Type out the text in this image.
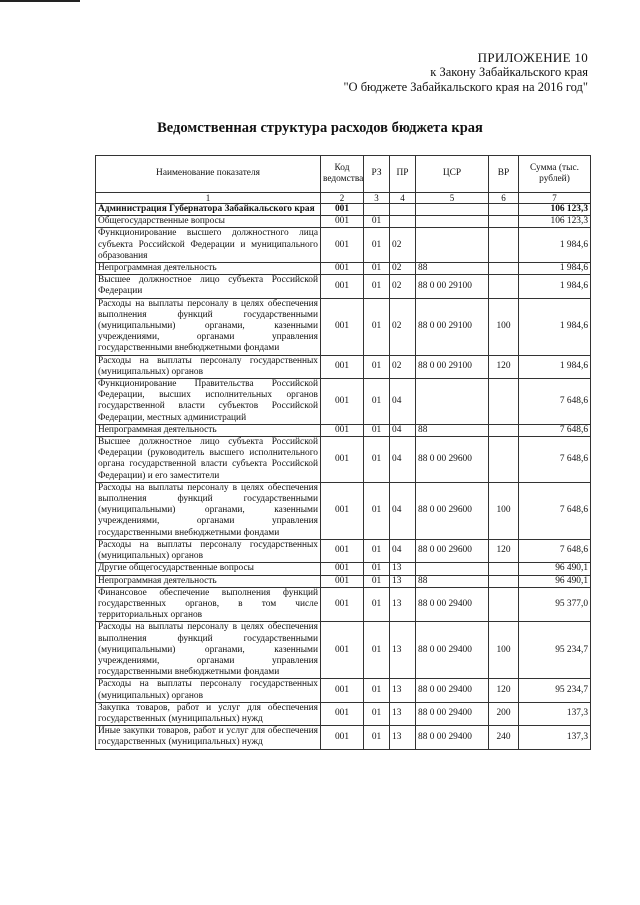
ПРИЛОЖЕНИЕ 10
к Закону Забайкальского края
"О бюджете Забайкальского края на 2016 год"
Ведомственная структура расходов бюджета края
Наименование показателя	Код ведомства	РЗ	ПР	ЦСР	ВР	Сумма (тыс. рублей)
1	2	3	4	5	6	7
Администрация Губернатора Забайкальского края	001					106 123,3
Общегосударственные вопросы	001	01				106 123,3
Функционирование высшего должностного лица субъекта Российской Федерации и муниципального образования	001	01	02			1 984,6
Непрограммная деятельность	001	01	02	88		1 984,6
Высшее должностное лицо субъекта Российской Федерации	001	01	02	88 0 00 29100		1 984,6
Расходы на выплаты персоналу в целях обеспечения выполнения функций государственными (муниципальными) органами, казенными учреждениями, органами управления государственными внебюджетными фондами	001	01	02	88 0 00 29100	100	1 984,6
Расходы на выплаты персоналу государственных (муниципальных) органов	001	01	02	88 0 00 29100	120	1 984,6
Функционирование Правительства Российской Федерации, высших исполнительных органов государственной власти субъектов Российской Федерации, местных администраций	001	01	04			7 648,6
Непрограммная деятельность	001	01	04	88		7 648,6
Высшее должностное лицо субъекта Российской Федерации (руководитель высшего исполнительного органа государственной власти субъекта Российской Федерации) и его заместители	001	01	04	88 0 00 29600		7 648,6
Расходы на выплаты персоналу в целях обеспечения выполнения функций государственными (муниципальными) органами, казенными учреждениями, органами управления государственными внебюджетными фондами	001	01	04	88 0 00 29600	100	7 648,6
Расходы на выплаты персоналу государственных (муниципальных) органов	001	01	04	88 0 00 29600	120	7 648,6
Другие общегосударственные вопросы	001	01	13			96 490,1
Непрограммная деятельность	001	01	13	88		96 490,1
Финансовое обеспечение выполнения функций государственных органов, в том числе территориальных органов	001	01	13	88 0 00 29400		95 377,0
Расходы на выплаты персоналу в целях обеспечения выполнения функций государственными (муниципальными) органами, казенными учреждениями, органами управления государственными внебюджетными фондами	001	01	13	88 0 00 29400	100	95 234,7
Расходы на выплаты персоналу государственных (муниципальных) органов	001	01	13	88 0 00 29400	120	95 234,7
Закупка товаров, работ и услуг для обеспечения государственных (муниципальных) нужд	001	01	13	88 0 00 29400	200	137,3
Иные закупки товаров, работ и услуг для обеспечения государственных (муниципальных) нужд	001	01	13	88 0 00 29400	240	137,3
